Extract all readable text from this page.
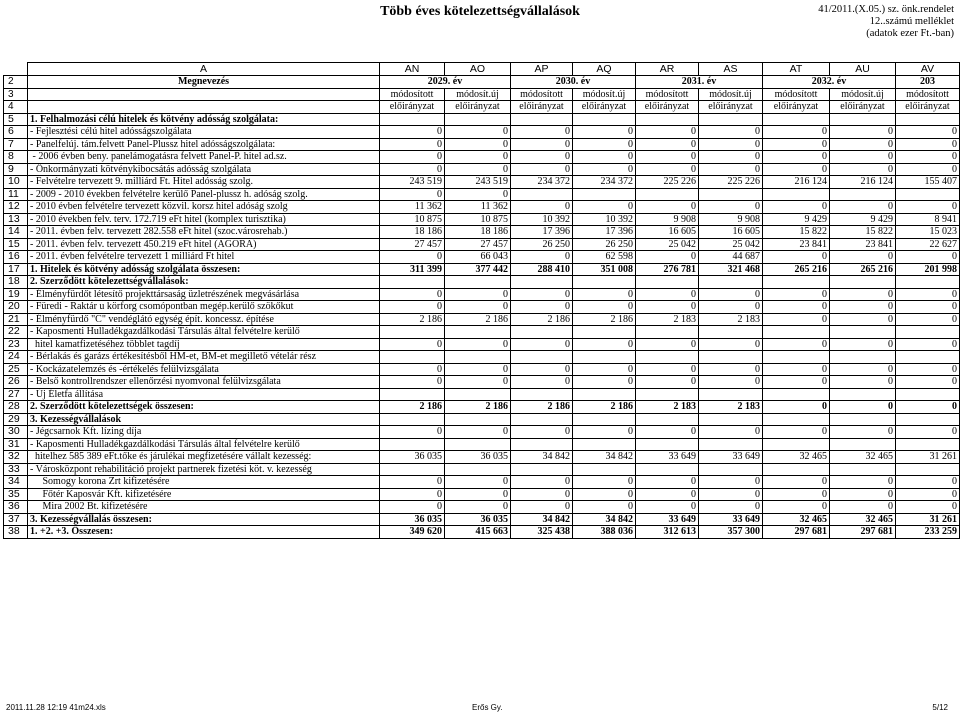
Több éves kötelezettségvállalások	41/2011.(X.05.) sz. önk.rendelet
12..számú melléklet
(adatok ezer Ft.-ban)
	A	AN	AO	AP	AQ	AR	AS	AT	AU	AV
2	Megnevezés	2029. év		2030. év		2031. év		2032. év		203
3		módosított	módosít.új	módosított	módosít.új	módosított	módosít.új	módosított	módosít.új	módosított
4		előirányzat	előirányzat	előirányzat	előirányzat	előirányzat	előirányzat	előirányzat	előirányzat	előirányzat
5	1. Felhalmozási célú hitelek és kötvény adósság szolgálata:									
6	- Fejlesztési célú hitel adósságszolgálata	0	0	0	0	0	0	0	0	0
7	- Panelfelúj. tám.felvett Panel-Plussz hitel adósságszolgálata:	0	0	0	0	0	0	0	0	0
8	- 2006 évben beny. panelámogatásra felvett Panel-P. hitel ad.sz.	0	0	0	0	0	0	0	0	0
9	- Önkormányzati kötvénykibocsátás adósság szolgálata	0	0	0	0	0	0	0	0	0
10	- Felvételre tervezett 9. milliárd Ft. Hitel adósság szolg.	243 519	243 519	234 372	234 372	225 226	225 226	216 124	216 124	155 407
11	- 2009 - 2010 években felvételre kerülő Panel-plussz h. adóság szolg.	0	0							
12	- 2010 évben felvételre tervezett közvil. korsz hitel adóság szolg	11 362	11 362	0	0	0	0	0	0	0
13	- 2010 években felv. terv. 172.719 eFt hitel (komplex turisztika)	10 875	10 875	10 392	10 392	9 908	9 908	9 429	9 429	8 941
14	- 2011. évben felv. tervezett 282.558 eFt hitel (szoc.városrehab.)	18 186	18 186	17 396	17 396	16 605	16 605	15 822	15 822	15 023
15	- 2011. évben felv. tervezett 450.219 eFt hitel (AGORA)	27 457	27 457	26 250	26 250	25 042	25 042	23 841	23 841	22 627
16	- 2011. évben felvételre tervezett 1 milliárd Ft hitel	0	66 043	0	62 598	0	44 687	0	0	0
17	1. Hitelek és kötvény adósság szolgálata összesen:	311 399	377 442	288 410	351 008	276 781	321 468	265 216	265 216	201 998
18	2. Szerződött kötelezettségvállalások:									
19	- Élményfürdőt létesítő projekttársaság üzletrészének megvásárlása	0	0	0	0	0	0	0	0	0
20	- Füredi - Raktár u körforg csomópontban megép.kerülő szökőkut	0	0	0	0	0	0	0	0	0
21	- Élményfürdő "C" vendéglátó egység épít. koncessz. építése	2 186	2 186	2 186	2 186	2 183	2 183	0	0	0
22	- Kaposmenti Hulladékgazdálkodási Társulás által felvételre kerülő									
23	hitel kamatfizetéséhez többlet tagdíj	0	0	0	0	0	0	0	0	0
24	- Bérlakás és garázs értékesítésből HM-et, BM-et megillető vételár rész									
25	- Kockázatelemzés és -értékelés felülvizsgálata	0	0	0	0	0	0	0	0	0
26	- Belső kontrollrendszer ellenőrzési nyomvonal felülvizsgálata	0	0	0	0	0	0	0	0	0
27	- Új Életfa állítása									
28	2. Szerződött kötelezettségek összesen:	2 186	2 186	2 186	2 186	2 183	2 183	0	0	0
29	3. Kezességvállalások									
30	- Jégcsarnok Kft. lízing díja	0	0	0	0	0	0	0	0	0
31	- Kaposmenti Hulladékgazdálkodási Társulás által felvételre kerülő									
32	hitelhez 585 389 eFt.tőke és járulékai megfizetésére vállalt kezesség:	36 035	36 035	34 842	34 842	33 649	33 649	32 465	32 465	31 261
33	- Városközpont rehabilitáció projekt partnerek fizetési köt. v. kezesség									
34	Somogy korona Zrt kifizetésére	0	0	0	0	0	0	0	0	0
35	Főtér Kaposvár Kft. kifizetésére	0	0	0	0	0	0	0	0	0
36	Mira 2002 Bt. kifizetésére	0	0	0	0	0	0	0	0	0
37	3. Kezességvállalás összesen:	36 035	36 035	34 842	34 842	33 649	33 649	32 465	32 465	31 261
38	1. +2. +3. Összesen:	349 620	415 663	325 438	388 036	312 613	357 300	297 681	297 681	233 259
2011.11.28 12:19 41m24.xls	Erős Gy.	5/12
